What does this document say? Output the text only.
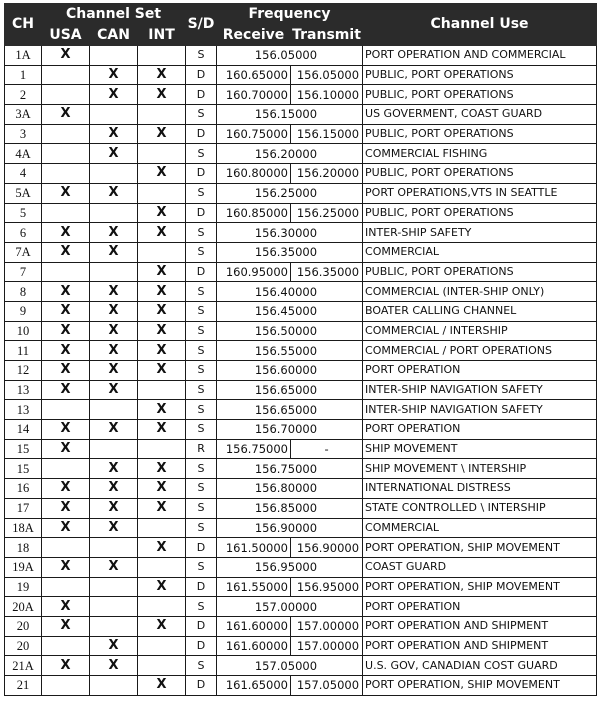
CH	Channel Set			S/D	Frequency		Channel Use
	USA	CAN	INT		Receive	Transmit	
1A	X			S	156.05000		PORT OPERATION AND COMMERCIAL
1		X	X	D	160.65000	156.05000	PUBLIC, PORT OPERATIONS
2		X	X	D	160.70000	156.10000	PUBLIC, PORT OPERATIONS
3A	X			S	156.15000		US GOVERMENT, COAST GUARD
3		X	X	D	160.75000	156.15000	PUBLIC, PORT OPERATIONS
4A		X		S	156.20000		COMMERCIAL FISHING
4			X	D	160.80000	156.20000	PUBLIC, PORT OPERATIONS
5A	X	X		S	156.25000		PORT OPERATIONS,VTS IN SEATTLE
5			X	D	160.85000	156.25000	PUBLIC, PORT OPERATIONS
6	X	X	X	S	156.30000		INTER-SHIP SAFETY
7A	X	X		S	156.35000		COMMERCIAL
7			X	D	160.95000	156.35000	PUBLIC, PORT OPERATIONS
8	X	X	X	S	156.40000		COMMERCIAL (INTER-SHIP ONLY)
9	X	X	X	S	156.45000		BOATER CALLING CHANNEL
10	X	X	X	S	156.50000		COMMERCIAL / INTERSHIP
11	X	X	X	S	156.55000		COMMERCIAL / PORT OPERATIONS
12	X	X	X	S	156.60000		PORT OPERATION
13	X	X		S	156.65000		INTER-SHIP NAVIGATION SAFETY
13			X	S	156.65000		INTER-SHIP NAVIGATION SAFETY
14	X	X	X	S	156.70000		PORT OPERATION
15	X			R	156.75000	-	SHIP MOVEMENT
15		X	X	S	156.75000		SHIP MOVEMENT \ INTERSHIP
16	X	X	X	S	156.80000		INTERNATIONAL DISTRESS
17	X	X	X	S	156.85000		STATE CONTROLLED \ INTERSHIP
18A	X	X		S	156.90000		COMMERCIAL
18			X	D	161.50000	156.90000	PORT OPERATION, SHIP MOVEMENT
19A	X	X		S	156.95000		COAST GUARD
19			X	D	161.55000	156.95000	PORT OPERATION, SHIP MOVEMENT
20A	X			S	157.00000		PORT OPERATION
20	X		X	D	161.60000	157.00000	PORT OPERATION AND SHIPMENT
20		X		D	161.60000	157.00000	PORT OPERATION AND SHIPMENT
21A	X	X		S	157.05000		U.S. GOV, CANADIAN COST GUARD
21			X	D	161.65000	157.05000	PORT OPERATION, SHIP MOVEMENT
